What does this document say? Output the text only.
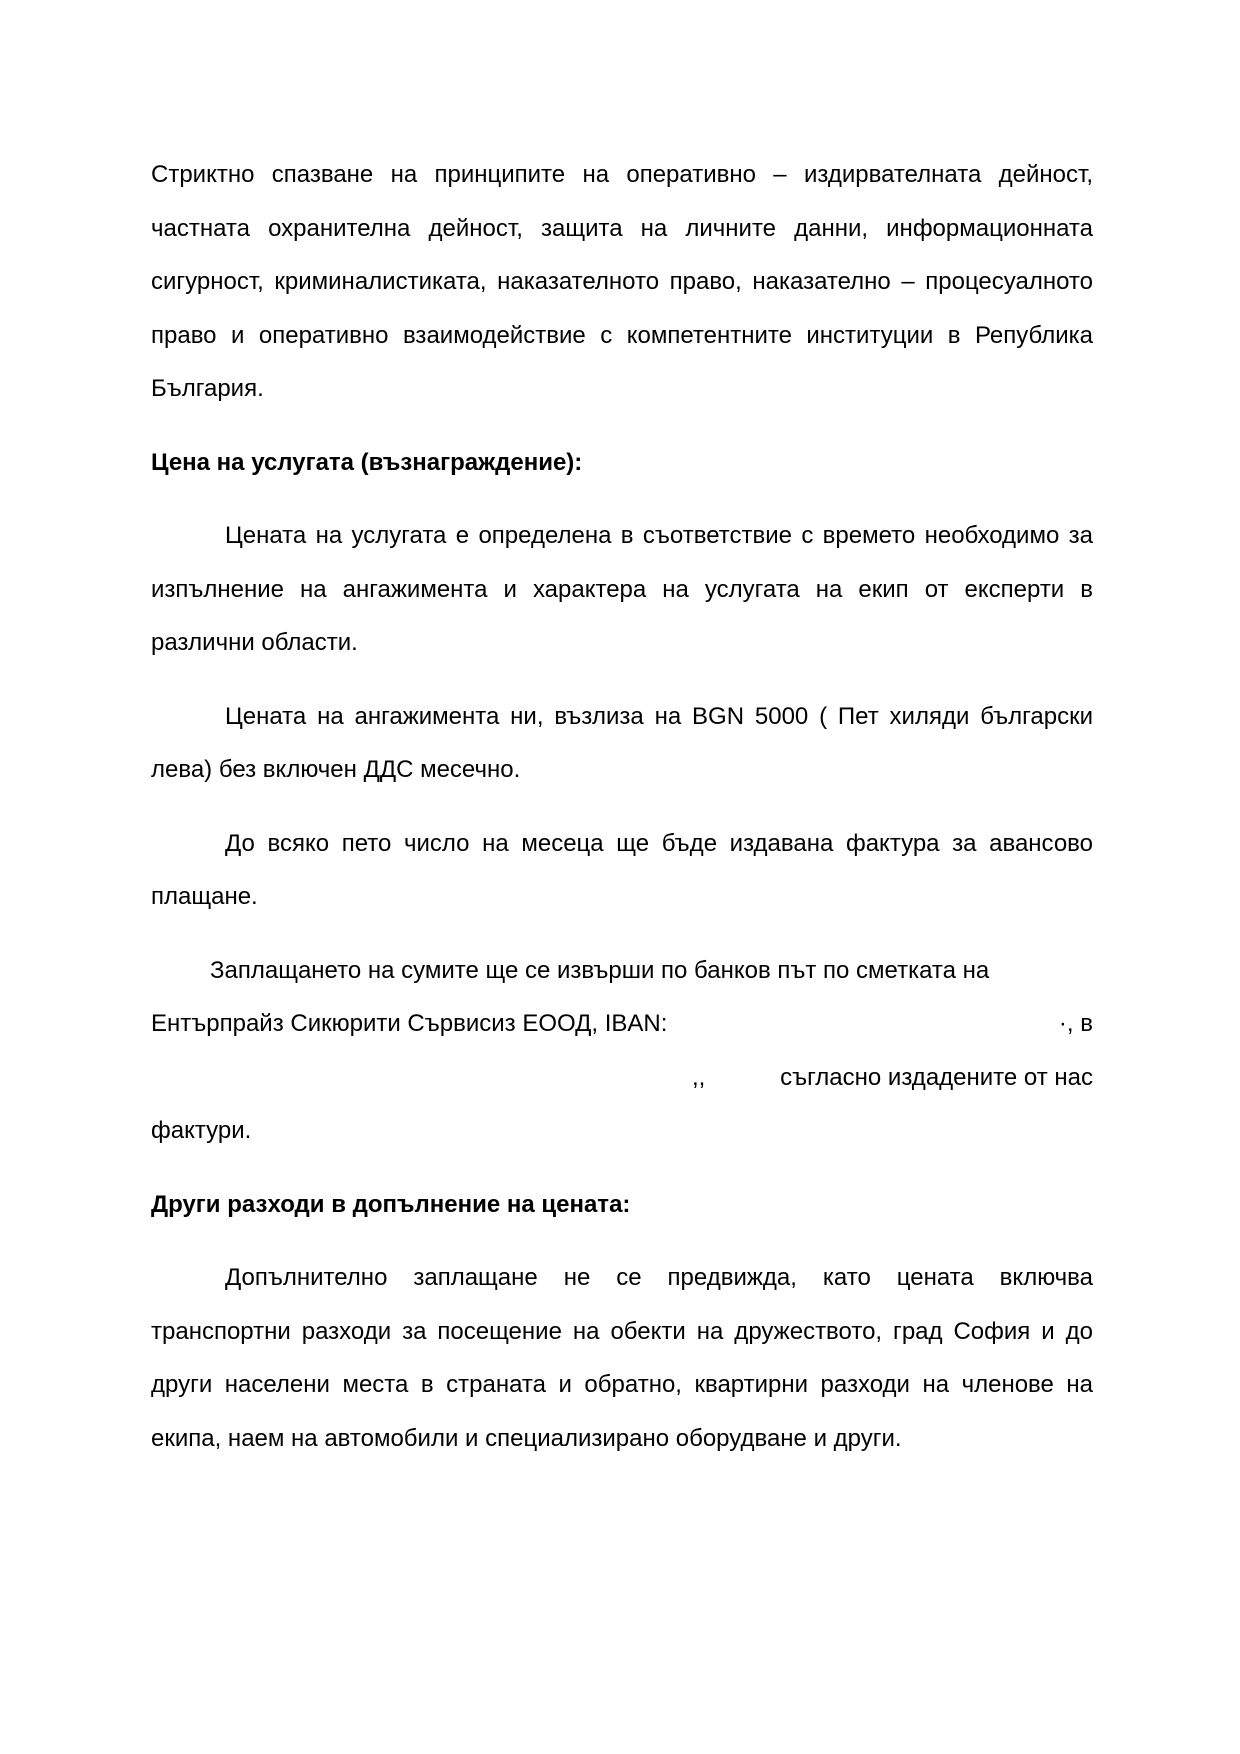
Стриктно спазване на принципите на оперативно – издирвателната дейност, частната охранителна дейност, защита на личните данни, информационната сигурност, криминалистиката, наказателното право, наказателно – процесуалното право и оперативно взаимодействие с компетентните институции в Република България.

Цена на услугата (възнаграждение):

Цената на услугата е определена в съответствие с времето необходимо за изпълнение на ангажимента и характера на услугата на екип от експерти в различни области.

Цената на ангажимента ни, възлиза на BGN 5000 ( Пет хиляди български лева) без включен ДДС месечно.

До всяко пето число на месеца ще бъде издавана фактура за авансово плащане.

Заплащането на сумите ще се извърши по банков път по сметката на
Ентърпрайз Сикюрити Сървисиз ЕООД, IBAN:	·, в
,,	съгласно издадените от нас
фактури.

Други разходи в допълнение на цената:

Допълнително заплащане не се предвижда, като цената включва транспортни разходи за посещение на обекти на дружеството, град София и до други населени места в страната и обратно, квартирни разходи на членове на екипа, наем на автомобили и специализирано оборудване и други.
